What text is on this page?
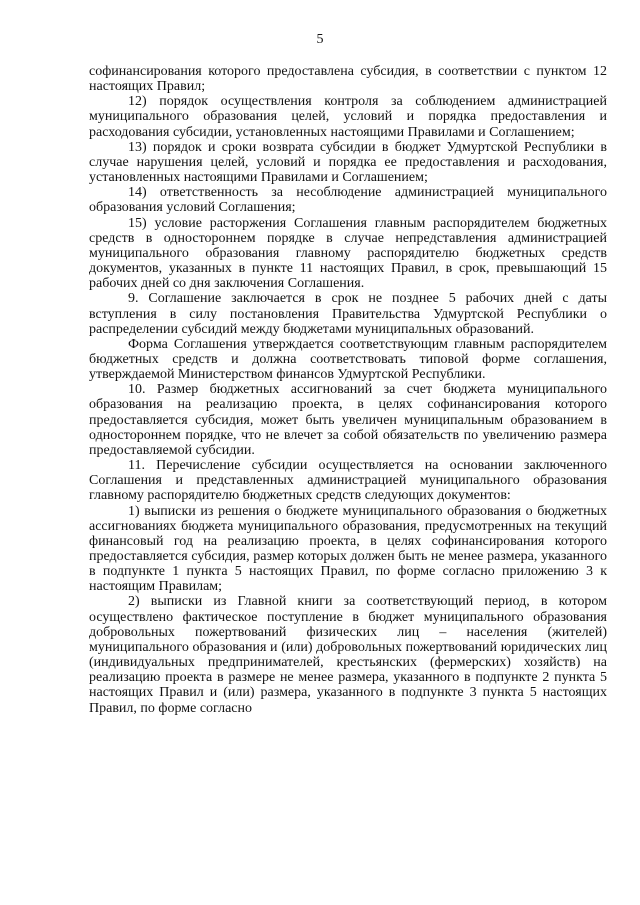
5

софинансирования которого предоставлена субсидия, в соответствии с пунктом 12 настоящих Правил;

12) порядок осуществления контроля за соблюдением администрацией муниципального образования целей, условий и порядка предоставления и расходования субсидии, установленных настоящими Правилами и Соглашением;

13) порядок и сроки возврата субсидии в бюджет Удмуртской Республики в случае нарушения целей, условий и порядка ее предоставления и расходования, установленных настоящими Правилами и Соглашением;

14) ответственность за несоблюдение администрацией муниципального образования условий Соглашения;

15) условие расторжения Соглашения главным распорядителем бюджетных средств в одностороннем порядке в случае непредставления администрацией муниципального образования главному распорядителю бюджетных средств документов, указанных в пункте 11 настоящих Правил, в срок, превышающий 15 рабочих дней со дня заключения Соглашения.

9. Соглашение заключается в срок не позднее 5 рабочих дней с даты вступления в силу постановления Правительства Удмуртской Республики о распределении субсидий между бюджетами муниципальных образований.

Форма Соглашения утверждается соответствующим главным распорядителем бюджетных средств и должна соответствовать типовой форме соглашения, утверждаемой Министерством финансов Удмуртской Республики.

10. Размер бюджетных ассигнований за счет бюджета муниципального образования на реализацию проекта, в целях софинансирования которого предоставляется субсидия, может быть увеличен муниципальным образованием в одностороннем порядке, что не влечет за собой обязательств по увеличению размера предоставляемой субсидии.

11. Перечисление субсидии осуществляется на основании заключенного Соглашения и представленных администрацией муниципального образования главному распорядителю бюджетных средств следующих документов:

1) выписки из решения о бюджете муниципального образования о бюджетных ассигнованиях бюджета муниципального образования, предусмотренных на текущий финансовый год на реализацию проекта, в целях софинансирования которого предоставляется субсидия, размер которых должен быть не менее размера, указанного в подпункте 1 пункта 5 настоящих Правил, по форме согласно приложению 3 к настоящим Правилам;

2) выписки из Главной книги за соответствующий период, в котором осуществлено фактическое поступление в бюджет муниципального образования добровольных пожертвований физических лиц – населения (жителей) муниципального образования и (или) добровольных пожертвований юридических лиц (индивидуальных предпринимателей, крестьянских (фермерских) хозяйств) на реализацию проекта в размере не менее размера, указанного в подпункте 2 пункта 5 настоящих Правил и (или) размера, указанного в подпункте 3 пункта 5 настоящих Правил, по форме согласно
